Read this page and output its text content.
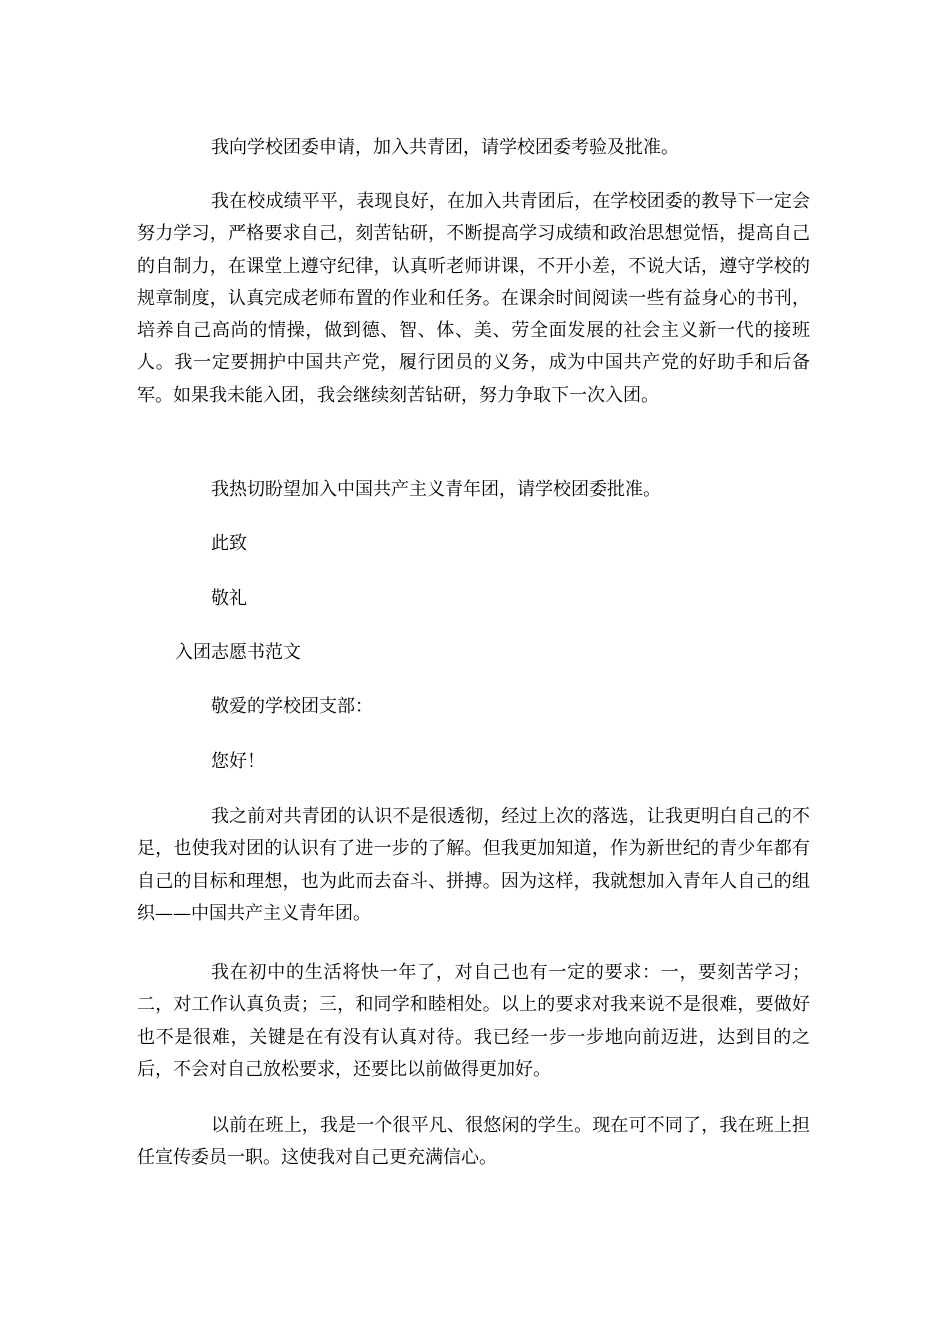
我向学校团委申请，加入共青团，请学校团委考验及批准。

我在校成绩平平，表现良好，在加入共青团后，在学校团委的教导下一定会努力学习，严格要求自己，刻苦钻研，不断提高学习成绩和政治思想觉悟，提高自己的自制力，在课堂上遵守纪律，认真听老师讲课，不开小差，不说大话，遵守学校的规章制度，认真完成老师布置的作业和任务。在课余时间阅读一些有益身心的书刊，培养自己高尚的情操，做到德、智、体、美、劳全面发展的社会主义新一代的接班人。我一定要拥护中国共产党，履行团员的义务，成为中国共产党的好助手和后备军。如果我未能入团，我会继续刻苦钻研，努力争取下一次入团。

我热切盼望加入中国共产主义青年团，请学校团委批准。

此致

敬礼

入团志愿书范文

敬爱的学校团支部：

您好！

我之前对共青团的认识不是很透彻，经过上次的落选，让我更明白自己的不足，也使我对团的认识有了进一步的了解。但我更加知道，作为新世纪的青少年都有自己的目标和理想，也为此而去奋斗、拼搏。因为这样，我就想加入青年人自己的组织——中国共产主义青年团。

我在初中的生活将快一年了，对自己也有一定的要求：一，要刻苦学习；二，对工作认真负责；三，和同学和睦相处。以上的要求对我来说不是很难，要做好也不是很难，关键是在有没有认真对待。我已经一步一步地向前迈进，达到目的之后，不会对自己放松要求，还要比以前做得更加好。

以前在班上，我是一个很平凡、很悠闲的学生。现在可不同了，我在班上担任宣传委员一职。这使我对自己更充满信心。
